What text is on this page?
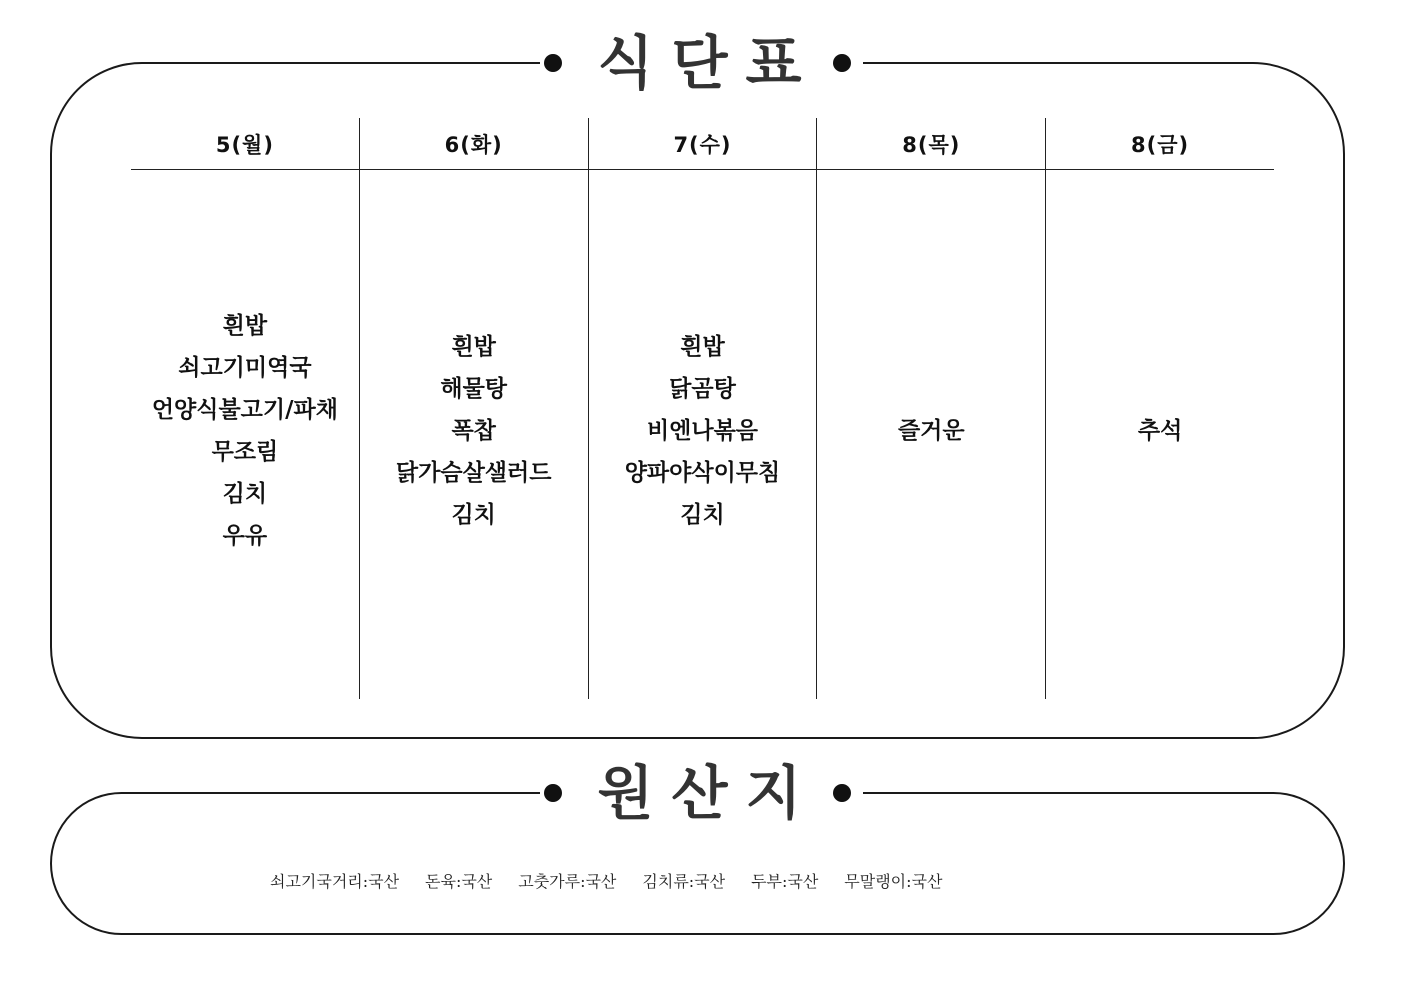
식단표
5(월)
흰밥
쇠고기미역국
언양식불고기/파채
무조림
김치
우유
6(화)
흰밥
해물탕
폭찹
닭가슴살샐러드
김치
7(수)
흰밥
닭곰탕
비엔나볶음
양파야삭이무침
김치
8(목)
즐거운
8(금)
추석
원산지
쇠고기국거리:국산 돈육:국산 고춧가루:국산 김치류:국산 두부:국산 무말랭이:국산
